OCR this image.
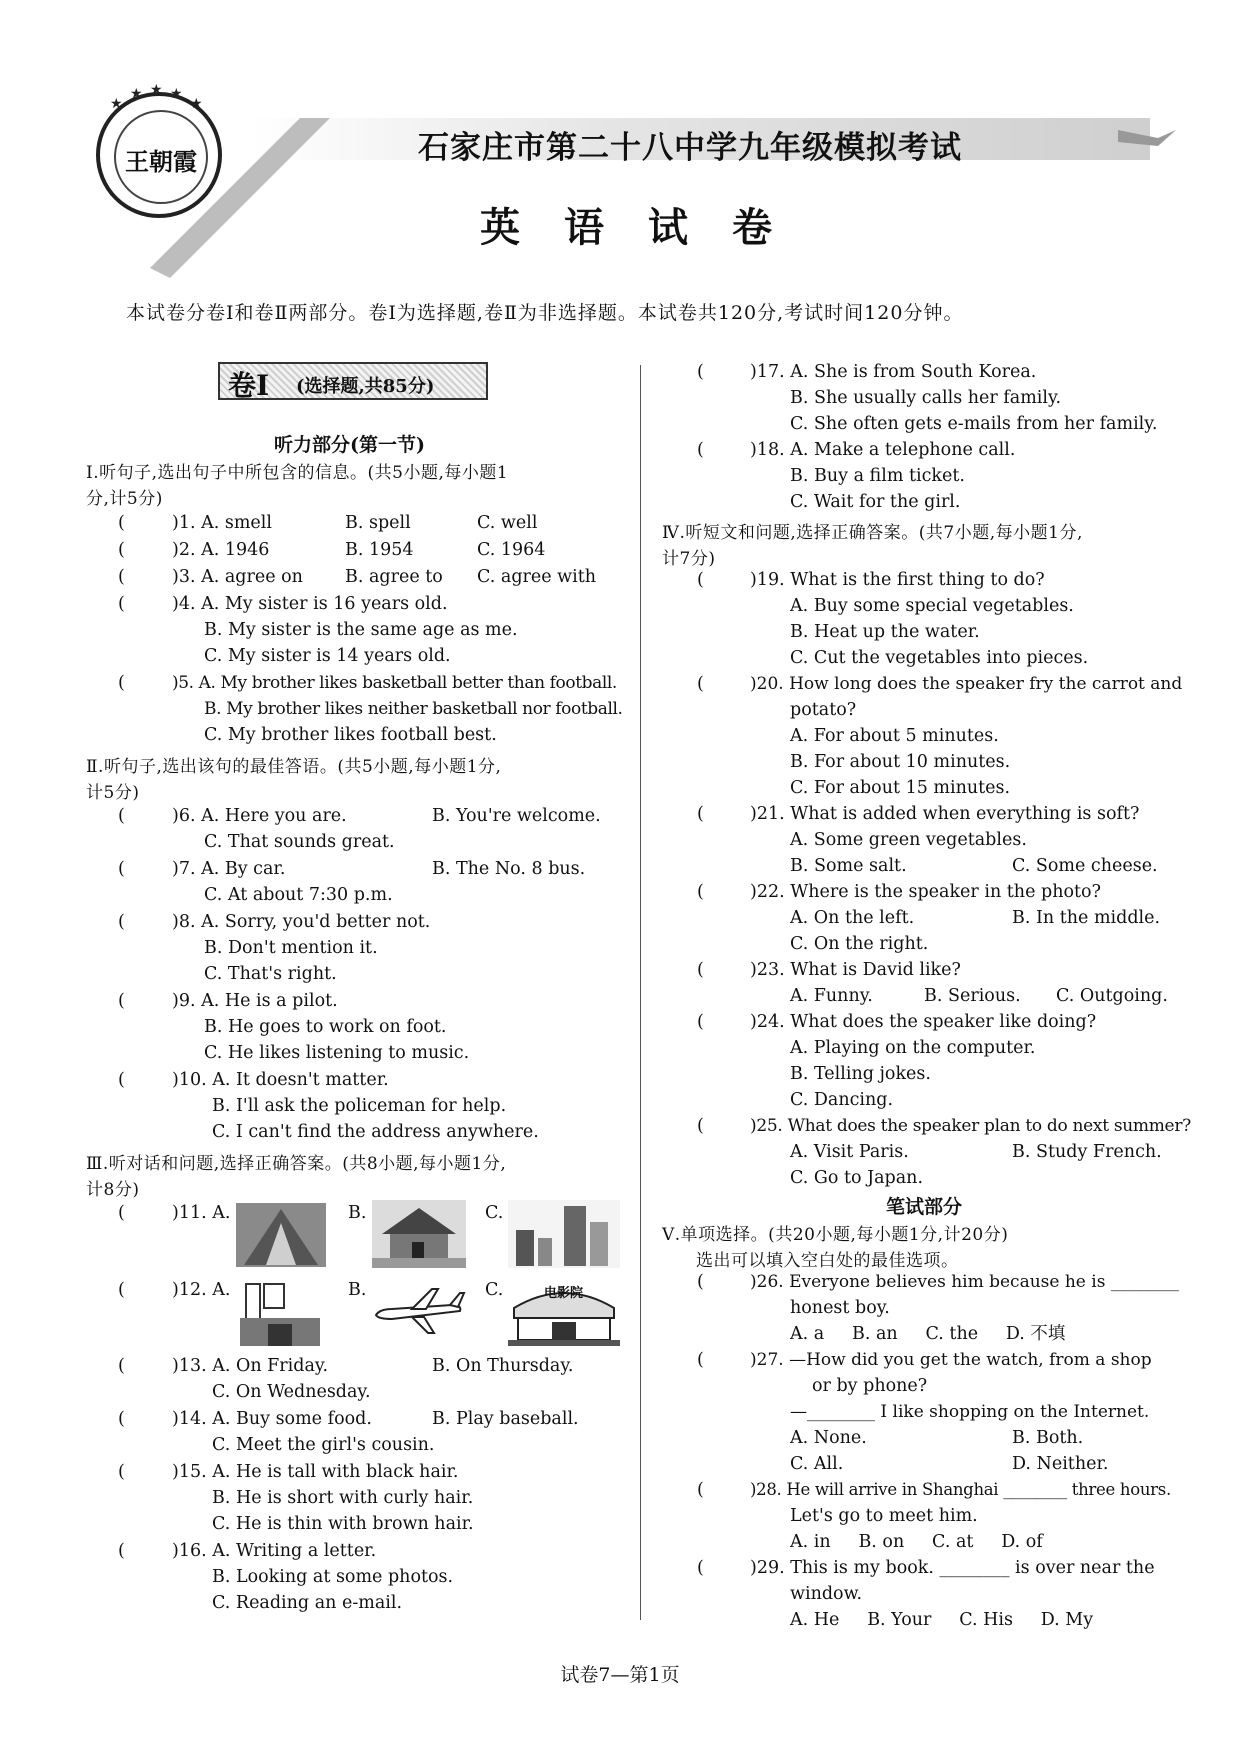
王朝霞
★
★ ★ ★
★
石家庄市第二十八中学九年级模拟考试
英语试卷
本试卷分卷Ⅰ和卷Ⅱ两部分。卷Ⅰ为选择题,卷Ⅱ为非选择题。本试卷共120分,考试时间120分钟。
卷Ⅰ (选择题,共85分)
听力部分(第一节)
Ⅰ.听句子,选出句子中所包含的信息。(共5小题,每小题1
分,计5分)
(	)1. A. smell	B. spell	C. well
(	)2. A. 1946	B. 1954	C. 1964
(	)3. A. agree on B. agree to C. agree with
(	)4. A. My sister is 16 years old.
B. My sister is the same age as me.
C. My sister is 14 years old.
(	)5. A. My brother likes basketball better than football.
B. My brother likes neither basketball nor football.
C. My brother likes football best.
Ⅱ.听句子,选出该句的最佳答语。(共5小题,每小题1分,
计5分)
(	)6. A. Here you are.	B. You're welcome.
C. That sounds great.
(	)7. A. By car.	B. The No. 8 bus.
C. At about 7:30 p.m.
(	)8. A. Sorry, you'd better not.
B. Don't mention it.
C. That's right.
(	)9. A. He is a pilot.
B. He goes to work on foot.
C. He likes listening to music.
(	)10. A. It doesn't matter.
B. I'll ask the policeman for help.
C. I can't find the address anywhere.
Ⅲ.听对话和问题,选择正确答案。(共8小题,每小题1分,
计8分)
(	)11. A.	B.	C.
(	)12. A.	B.	C.	电影院
(	)13. A. On Friday.	B. On Thursday.
C. On Wednesday.
(	)14. A. Buy some food.	B. Play baseball.
C. Meet the girl's cousin.
(	)15. A. He is tall with black hair.
B. He is short with curly hair.
C. He is thin with brown hair.
(	)16. A. Writing a letter.
B. Looking at some photos.
C. Reading an e-mail.
(	)17. A. She is from South Korea.
B. She usually calls her family.
C. She often gets e-mails from her family.
(	)18. A. Make a telephone call.
B. Buy a film ticket.
C. Wait for the girl.
Ⅳ.听短文和问题,选择正确答案。(共7小题,每小题1分,
计7分)
(	)19. What is the first thing to do?
A. Buy some special vegetables.
B. Heat up the water.
C. Cut the vegetables into pieces.
(	)20. How long does the speaker fry the carrot and
potato?
A. For about 5 minutes.
B. For about 10 minutes.
C. For about 15 minutes.
(	)21. What is added when everything is soft?
A. Some green vegetables.
B. Some salt.	C. Some cheese.
(	)22. Where is the speaker in the photo?
A. On the left.	B. In the middle.
C. On the right.
(	)23. What is David like?
A. Funny.	B. Serious. C. Outgoing.
(	)24. What does the speaker like doing?
A. Playing on the computer.
B. Telling jokes.
C. Dancing.
(	)25. What does the speaker plan to do next summer?
A. Visit Paris.	B. Study French.
C. Go to Japan.
笔试部分
Ⅴ.单项选择。(共20小题,每小题1分,计20分)
选出可以填入空白处的最佳选项。
(	)26. Everyone believes him because he is ________
honest boy.
A. a     B. an     C. the     D. 不填
(	)27. —How did you get the watch, from a shop
or by phone?
—________ I like shopping on the Internet.
A. None.	B. Both.
C. All.	D. Neither.
(	)28. He will arrive in Shanghai ________ three hours.
Let's go to meet him.
A. in     B. on     C. at     D. of
(	)29. This is my book. ________ is over near the
window.
A. He     B. Your     C. His     D. My
试卷7—第1页
